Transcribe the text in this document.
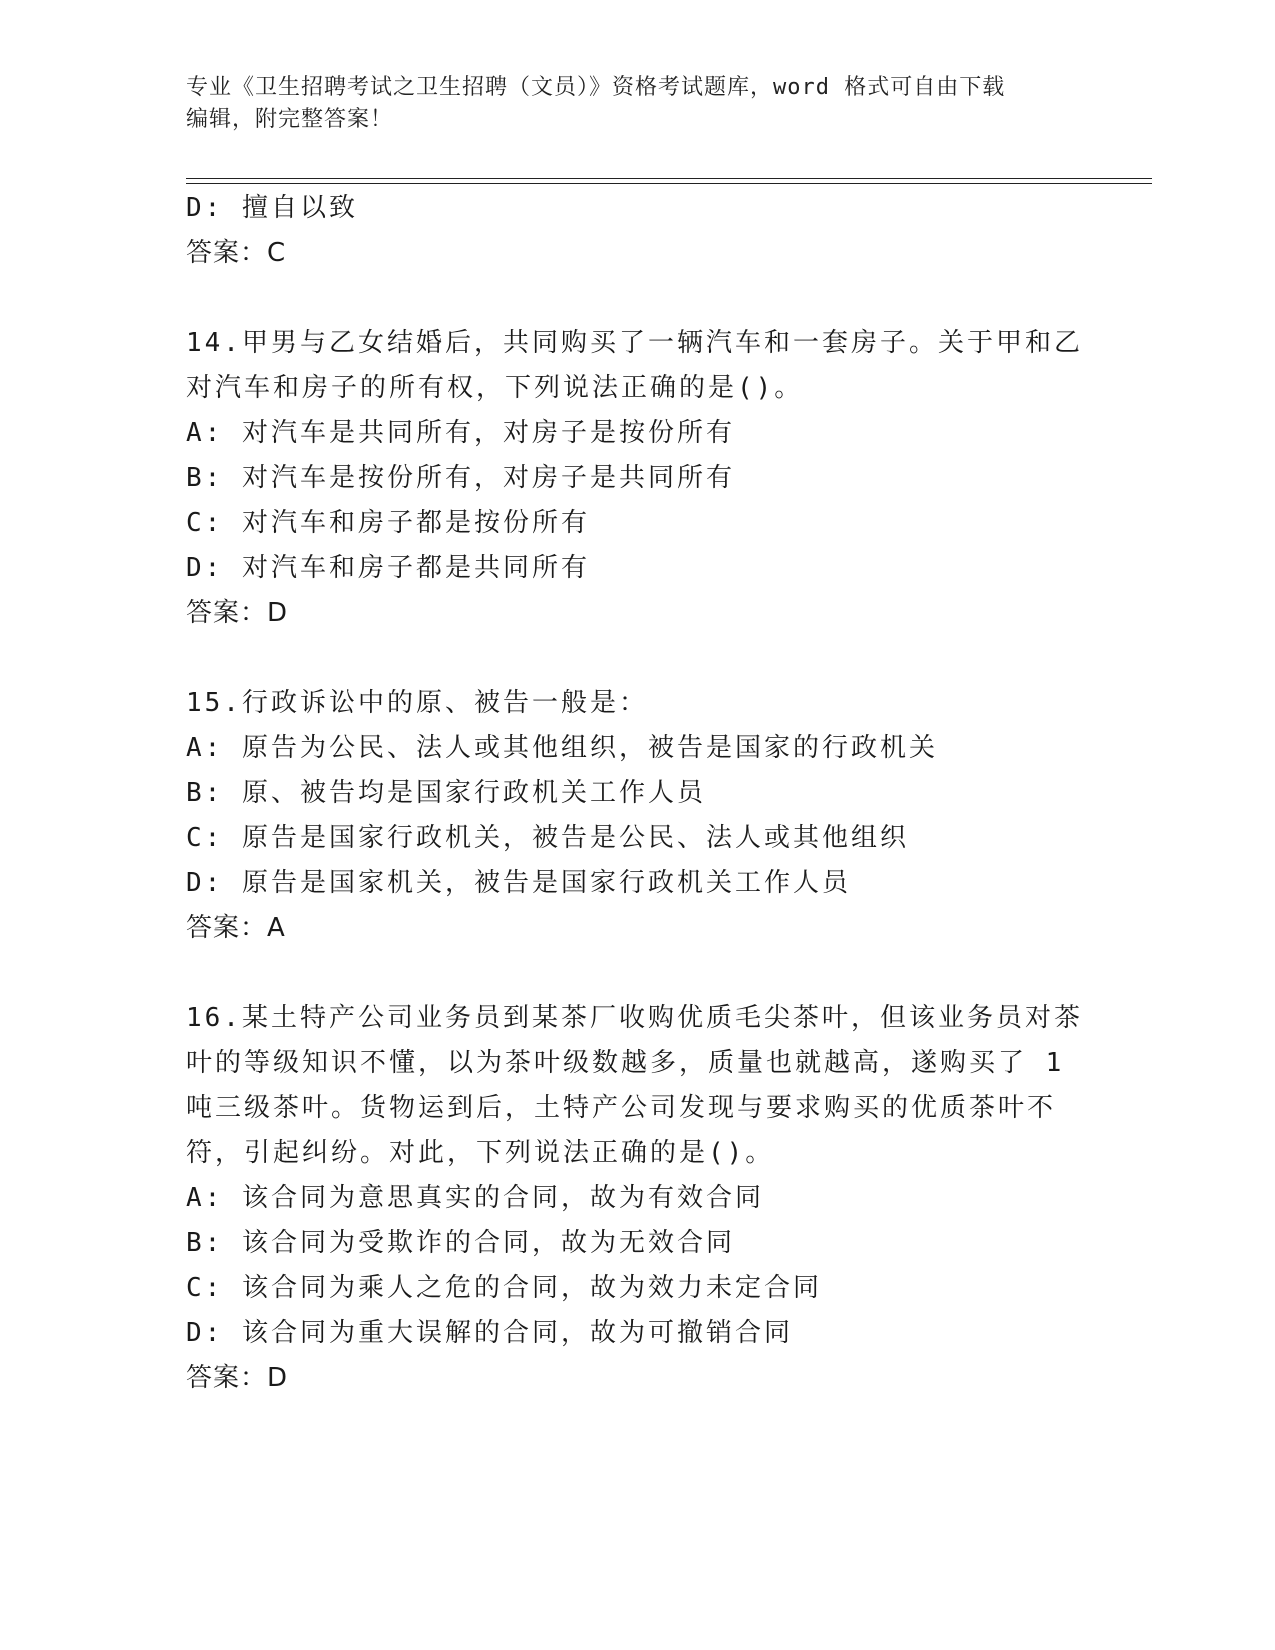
专业《卫生招聘考试之卫生招聘（文员）》资格考试题库，word 格式可自由下载
编辑，附完整答案！

D: 擅自以致

答案：C

14.甲男与乙女结婚后，共同购买了一辆汽车和一套房子。关于甲和乙

对汽车和房子的所有权，下列说法正确的是()。

A: 对汽车是共同所有，对房子是按份所有

B: 对汽车是按份所有，对房子是共同所有

C: 对汽车和房子都是按份所有

D: 对汽车和房子都是共同所有

答案：D

15.行政诉讼中的原、被告一般是：

A: 原告为公民、法人或其他组织，被告是国家的行政机关

B: 原、被告均是国家行政机关工作人员

C: 原告是国家行政机关，被告是公民、法人或其他组织

D: 原告是国家机关，被告是国家行政机关工作人员

答案：A

16.某土特产公司业务员到某茶厂收购优质毛尖茶叶，但该业务员对茶

叶的等级知识不懂，以为茶叶级数越多，质量也就越高，遂购买了 1

吨三级茶叶。货物运到后，土特产公司发现与要求购买的优质茶叶不

符，引起纠纷。对此，下列说法正确的是()。

A: 该合同为意思真实的合同，故为有效合同

B: 该合同为受欺诈的合同，故为无效合同

C: 该合同为乘人之危的合同，故为效力未定合同

D: 该合同为重大误解的合同，故为可撤销合同

答案：D
